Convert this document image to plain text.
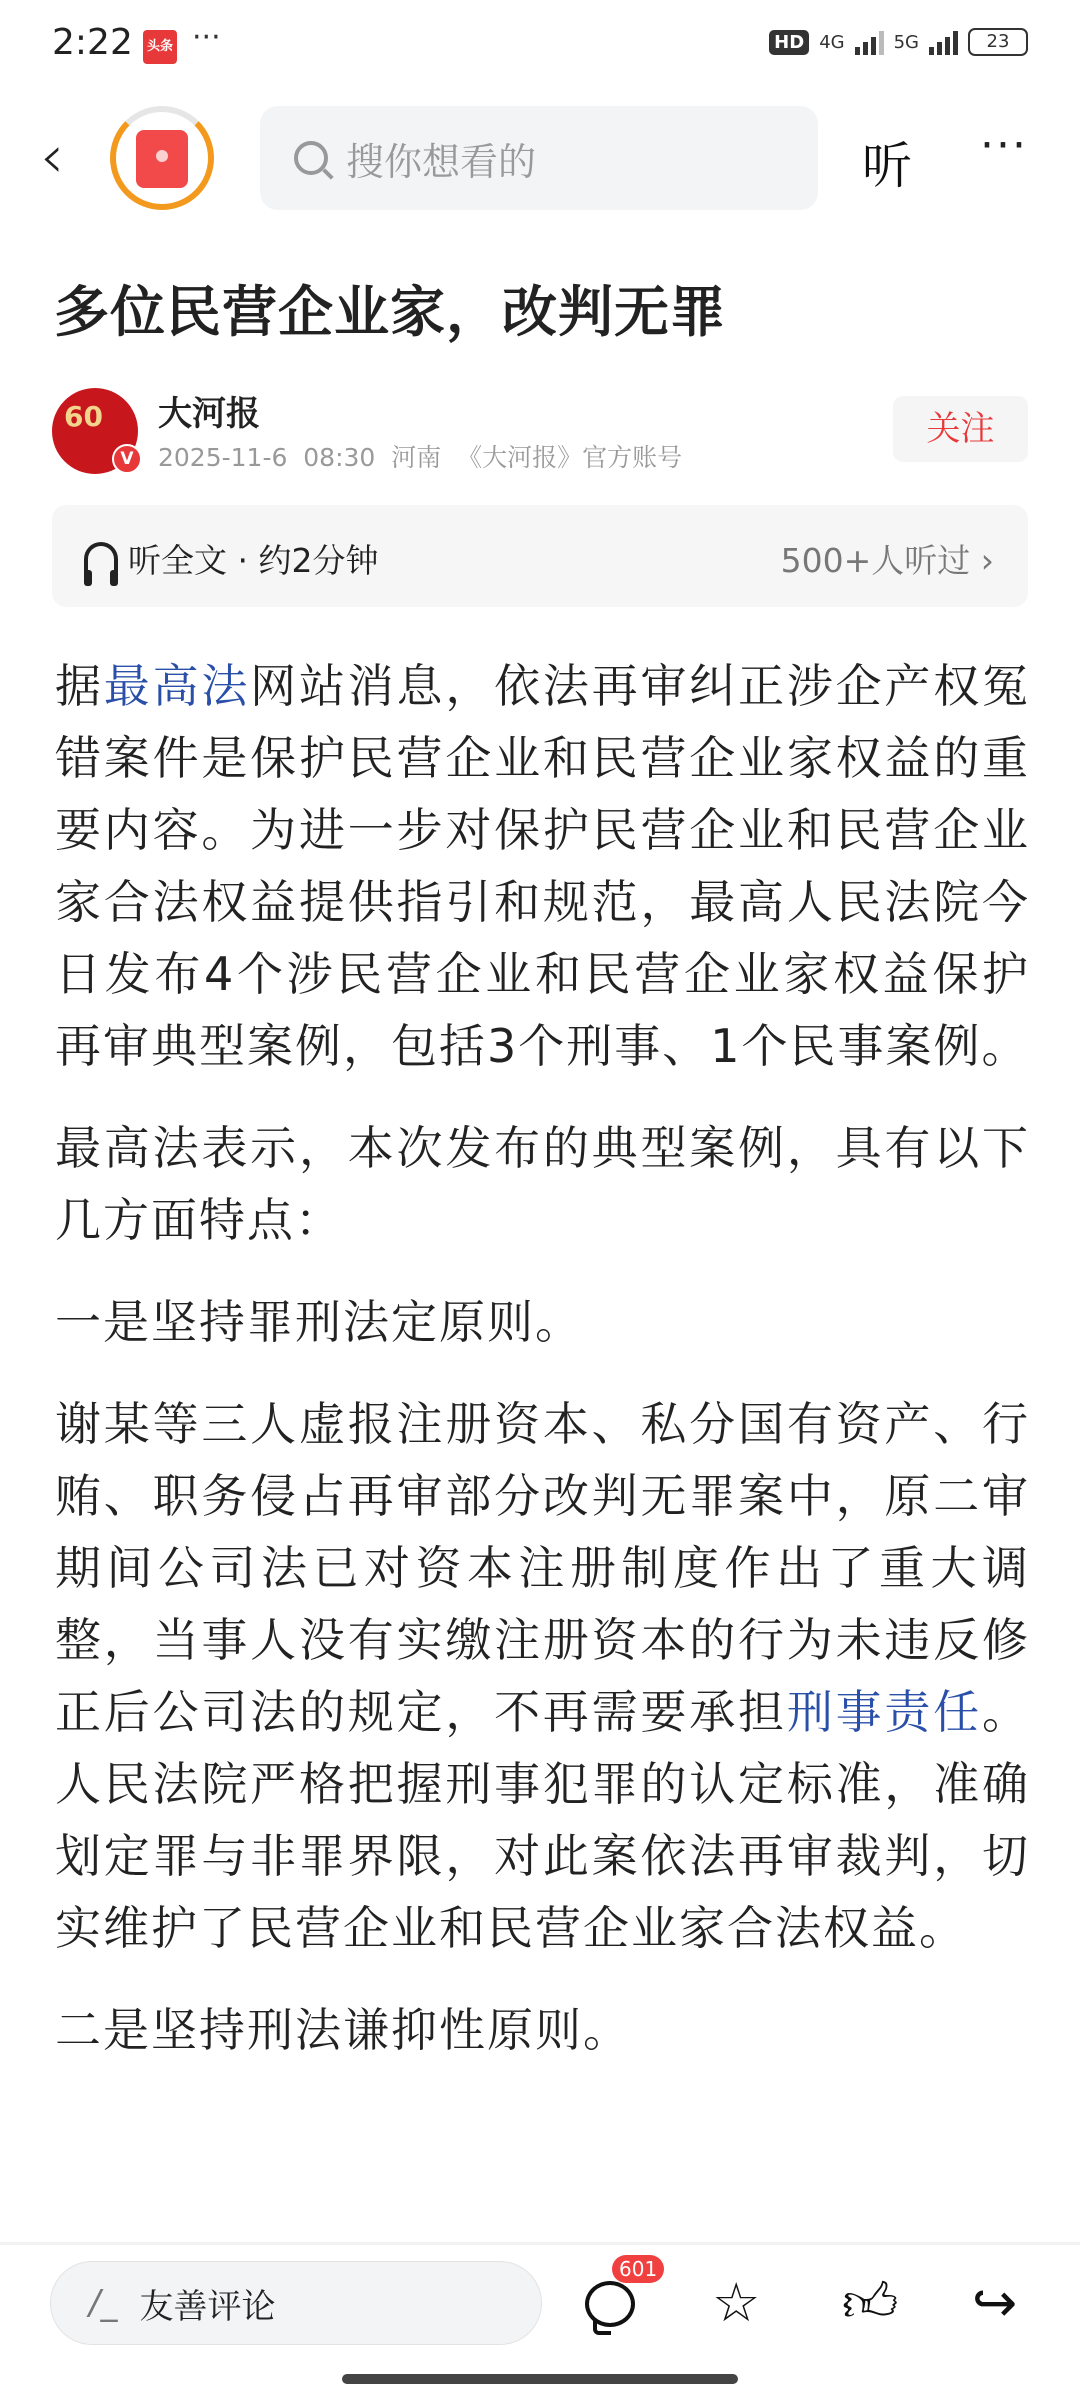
2:22	头条 ···	HD 4G	5G	23
‹	搜你想看的	听 ···
多位民营企业家，改判无罪
60
V
大河报
2025-11-6  08:30  河南  《大河报》官方账号
关注
听全文 · 约2分钟	500+人听过 ›

据最高法网站消息，依法再审纠正涉企产权冤错案件是保护民营企业和民营企业家权益的重要内容。为进一步对保护民营企业和民营企业家合法权益提供指引和规范，最高人民法院今日发布4个涉民营企业和民营企业家权益保护再审典型案例，包括3个刑事、1个民事案例。

最高法表示，本次发布的典型案例，具有以下几方面特点：

一是坚持罪刑法定原则。

谢某等三人虚报注册资本、私分国有资产、行贿、职务侵占再审部分改判无罪案中，原二审期间公司法已对资本注册制度作出了重大调整，当事人没有实缴注册资本的行为未违反修正后公司法的规定，不再需要承担刑事责任。人民法院严格把握刑事犯罪的认定标准，准确划定罪与非罪界限，对此案依法再审裁判，切实维护了民营企业和民营企业家合法权益。

二是坚持刑法谦抑性原则。

/_ 友善评论
601
☆ 👍︎ ↪
